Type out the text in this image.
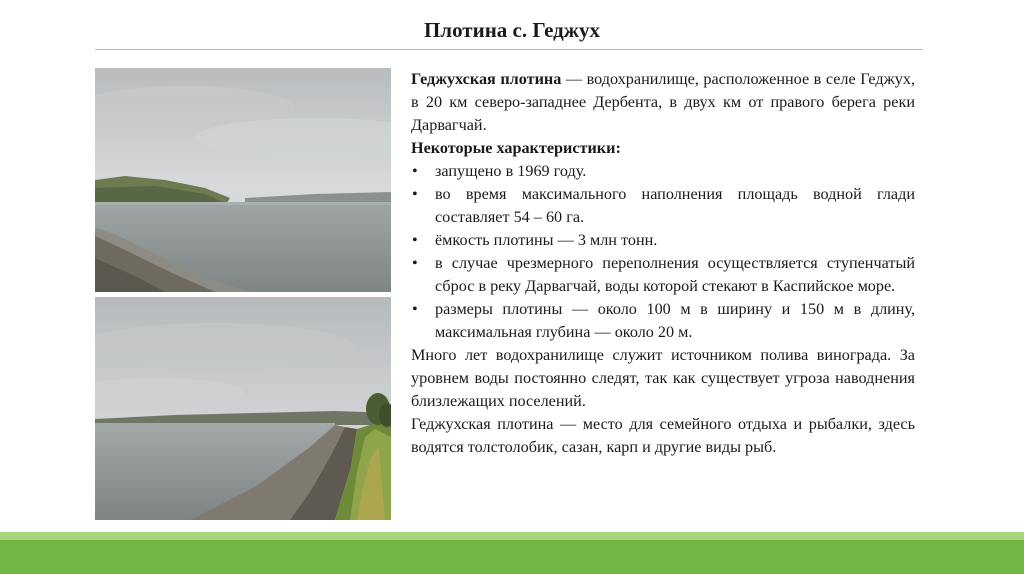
Плотина с. Геджух

Геджухская плотина — водохранилище, расположенное в селе Геджух, в 20 км северо-западнее Дербента, в двух км от правого берега реки Дарвагчай.

Некоторые характеристики:

• запущено в 1969 году.
• во время максимального наполнения площадь водной глади составляет 54 – 60 га.
• ёмкость плотины — 3 млн тонн.
• в случае чрезмерного переполнения осуществляется ступенчатый сброс в реку Дарвагчай, воды которой стекают в Каспийское море.
• размеры плотины — около 100 м в ширину и 150 м в длину, максимальная глубина — около 20 м.

Много лет водохранилище служит источником полива винограда. За уровнем воды постоянно следят, так как существует угроза наводнения близлежащих поселений.

Геджухская плотина — место для семейного отдыха и рыбалки, здесь водятся толстолобик, сазан, карп и другие виды рыб.
